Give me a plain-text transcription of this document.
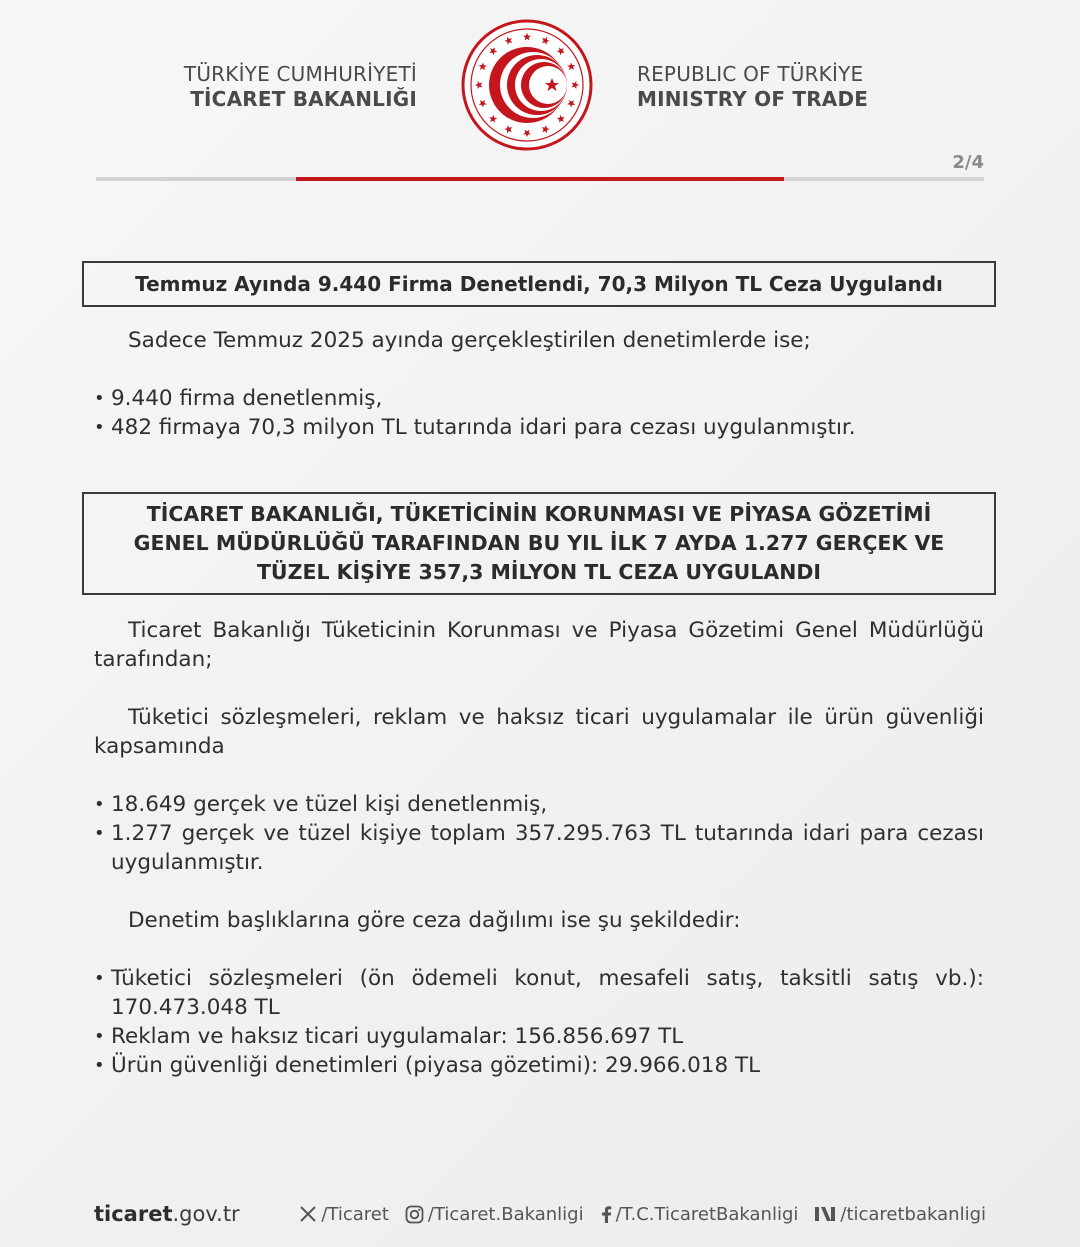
TÜRKİYE CUMHURİYETİ
TİCARET BAKANLIĞI
REPUBLIC OF TÜRKİYE
MINISTRY OF TRADE
2/4
Temmuz Ayında 9.440 Firma Denetlendi, 70,3 Milyon TL Ceza Uygulandı

Sadece Temmuz 2025 ayında gerçekleştirilen denetimlerde ise;

• 9.440 firma denetlenmiş,
• 482 firmaya 70,3 milyon TL tutarında idari para cezası uygulanmıştır.
TİCARET BAKANLIĞI, TÜKETİCİNİN KORUNMASI VE PİYASA GÖZETİMİ GENEL MÜDÜRLÜĞÜ TARAFINDAN BU YIL İLK 7 AYDA 1.277 GERÇEK VE TÜZEL KİŞİYE 357,3 MİLYON TL CEZA UYGULANDI

Ticaret Bakanlığı Tüketicinin Korunması ve Piyasa Gözetimi Genel Müdürlüğü tarafından;

Tüketici sözleşmeleri, reklam ve haksız ticari uygulamalar ile ürün güvenliği kapsamında

• 18.649 gerçek ve tüzel kişi denetlenmiş,
• 1.277 gerçek ve tüzel kişiye toplam 357.295.763 TL tutarında idari para cezası uygulanmıştır.

Denetim başlıklarına göre ceza dağılımı ise şu şekildedir:

• Tüketici sözleşmeleri (ön ödemeli konut, mesafeli satış, taksitli satış vb.): 170.473.048 TL
• Reklam ve haksız ticari uygulamalar: 156.856.697 TL
• Ürün güvenliği denetimleri (piyasa gözetimi): 29.966.018 TL
ticaret.gov.tr	/Ticaret /Ticaret.Bakanligi /T.C.TicaretBakanligi /ticaretbakanligi
